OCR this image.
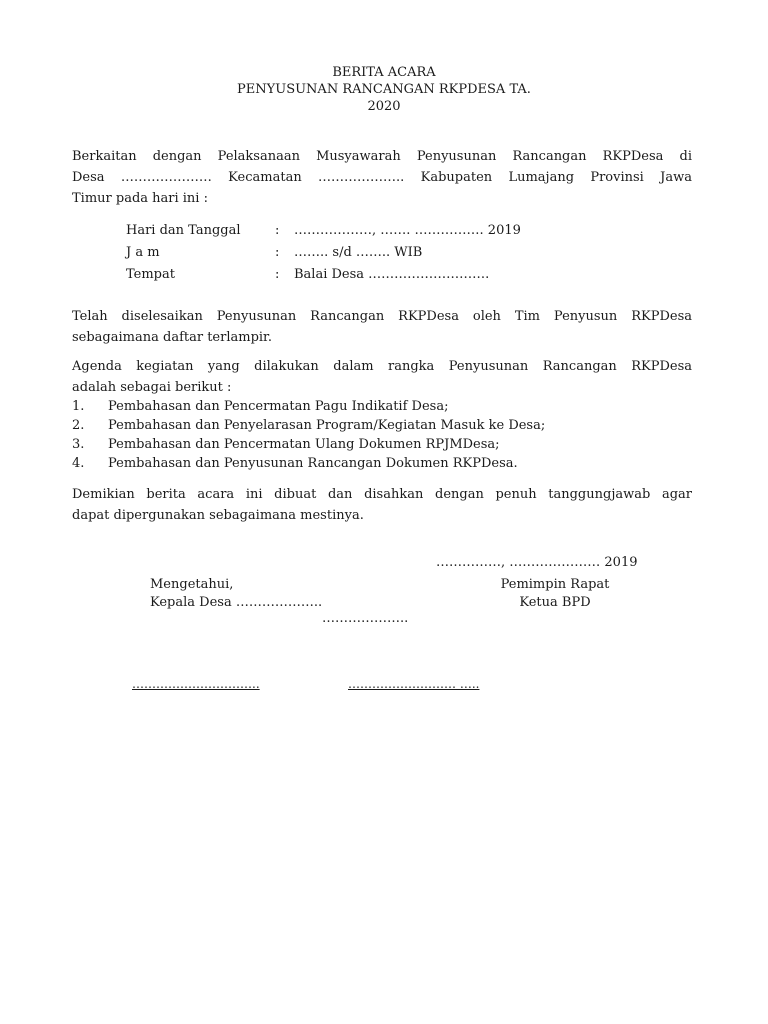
BERITA ACARA
PENYUSUNAN RANCANGAN RKPDESA TA.
2020
Berkaitan dengan Pelaksanaan Musyawarah Penyusunan Rancangan RKPDesa di
Desa ………………… Kecamatan ……………….. Kabupaten Lumajang Provinsi Jawa
Timur pada hari ini :
Hari dan Tanggal	: ………………, ……. ……………. 2019
J a m	: …….. s/d …….. WIB
Tempat	: Balai Desa ……………………….
Telah diselesaikan Penyusunan Rancangan RKPDesa oleh Tim Penyusun RKPDesa
sebagaimana daftar terlampir.
Agenda kegiatan yang dilakukan dalam rangka Penyusunan Rancangan RKPDesa
adalah sebagai berikut :
1. Pembahasan dan Pencermatan Pagu Indikatif Desa;
2. Pembahasan dan Penyelarasan Program/Kegiatan Masuk ke Desa;
3. Pembahasan dan Pencermatan Ulang Dokumen RPJMDesa;
4. Pembahasan dan Penyusunan Rancangan Dokumen RKPDesa.
Demikian berita acara ini dibuat dan disahkan dengan penuh tanggungjawab agar
dapat dipergunakan sebagaimana mestinya.
……………, ………………… 2019
Mengetahui,
Kepala Desa ………………..
………………..
Pemimpin Rapat
Ketua BPD
…………………………..	……………………… …..
